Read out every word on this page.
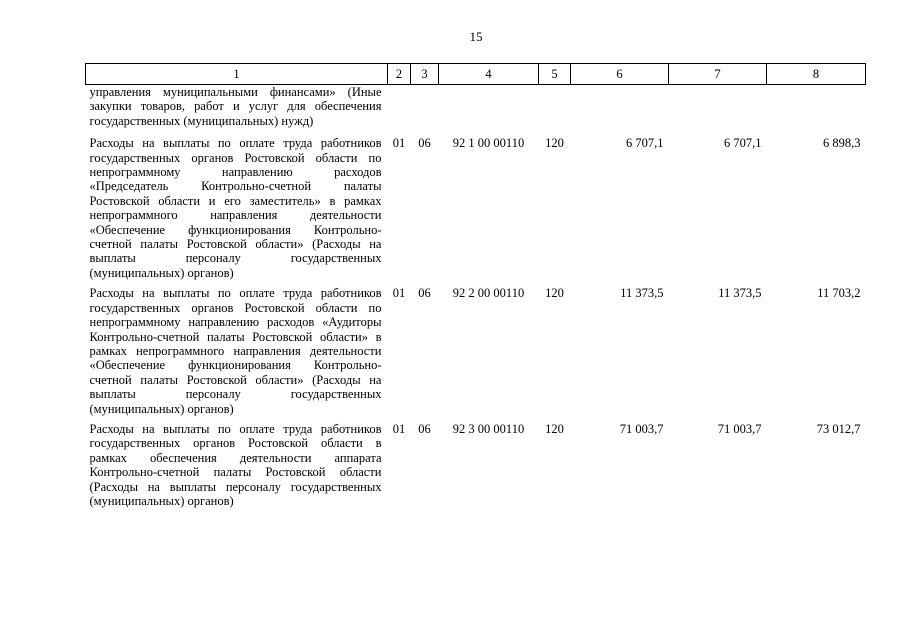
15
1	2	3	4	5	6	7	8
управления муниципальными финансами» (Иные закупки товаров, работ и услуг для обеспечения государственных (муниципальных) нужд)							
Расходы на выплаты по оплате труда работников государственных органов Ростовской области по непрограммному направлению расходов «Председатель Контрольно-счетной палаты Ростовской области и его заместитель» в рамках непрограммного направления деятельности «Обеспечение функционирования Контрольно-счетной палаты Ростовской области» (Расходы на выплаты персоналу государственных (муниципальных) органов)	01	06	92 1 00 00110	120	6 707,1	6 707,1	6 898,3
Расходы на выплаты по оплате труда работников государственных органов Ростовской области по непрограммному направлению расходов «Аудиторы Контрольно-счетной палаты Ростовской области» в рамках непрограммного направления деятельности «Обеспечение функционирования Контрольно-счетной палаты Ростовской области» (Расходы на выплаты персоналу государственных (муниципальных) органов)	01	06	92 2 00 00110	120	11 373,5	11 373,5	11 703,2
Расходы на выплаты по оплате труда работников государственных органов Ростовской области в рамках обеспечения деятельности аппарата Контрольно-счетной палаты Ростовской области (Расходы на выплаты персоналу государственных (муниципальных) органов)	01	06	92 3 00 00110	120	71 003,7	71 003,7	73 012,7
